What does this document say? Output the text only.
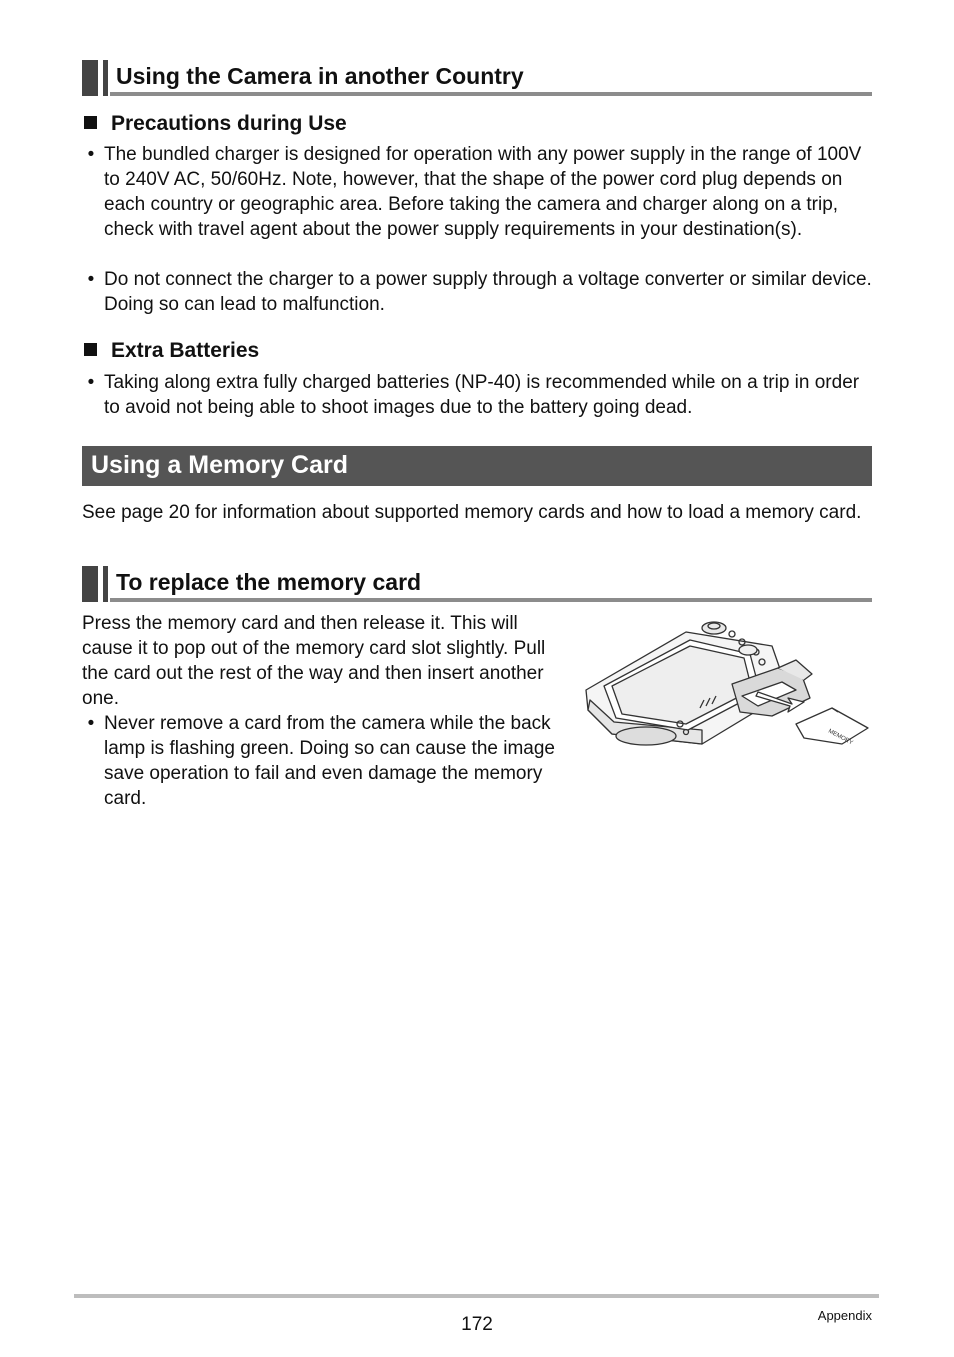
Using the Camera in another Country
Precautions during Use
• The bundled charger is designed for operation with any power supply in the range of 100V to 240V AC, 50/60Hz. Note, however, that the shape of the power cord plug depends on each country or geographic area. Before taking the camera and charger along on a trip, check with travel agent about the power supply requirements in your destination(s).
• Do not connect the charger to a power supply through a voltage converter or similar device. Doing so can lead to malfunction.
Extra Batteries
• Taking along extra fully charged batteries (NP-40) is recommended while on a trip in order to avoid not being able to shoot images due to the battery going dead.
Using a Memory Card
See page 20 for information about supported memory cards and how to load a memory card.
To replace the memory card
Press the memory card and then release it. This will cause it to pop out of the memory card slot slightly. Pull the card out the rest of the way and then insert another one.
• Never remove a card from the camera while the back lamp is flashing green. Doing so can cause the image save operation to fail and even damage the memory card.
MEMORY
172	Appendix
